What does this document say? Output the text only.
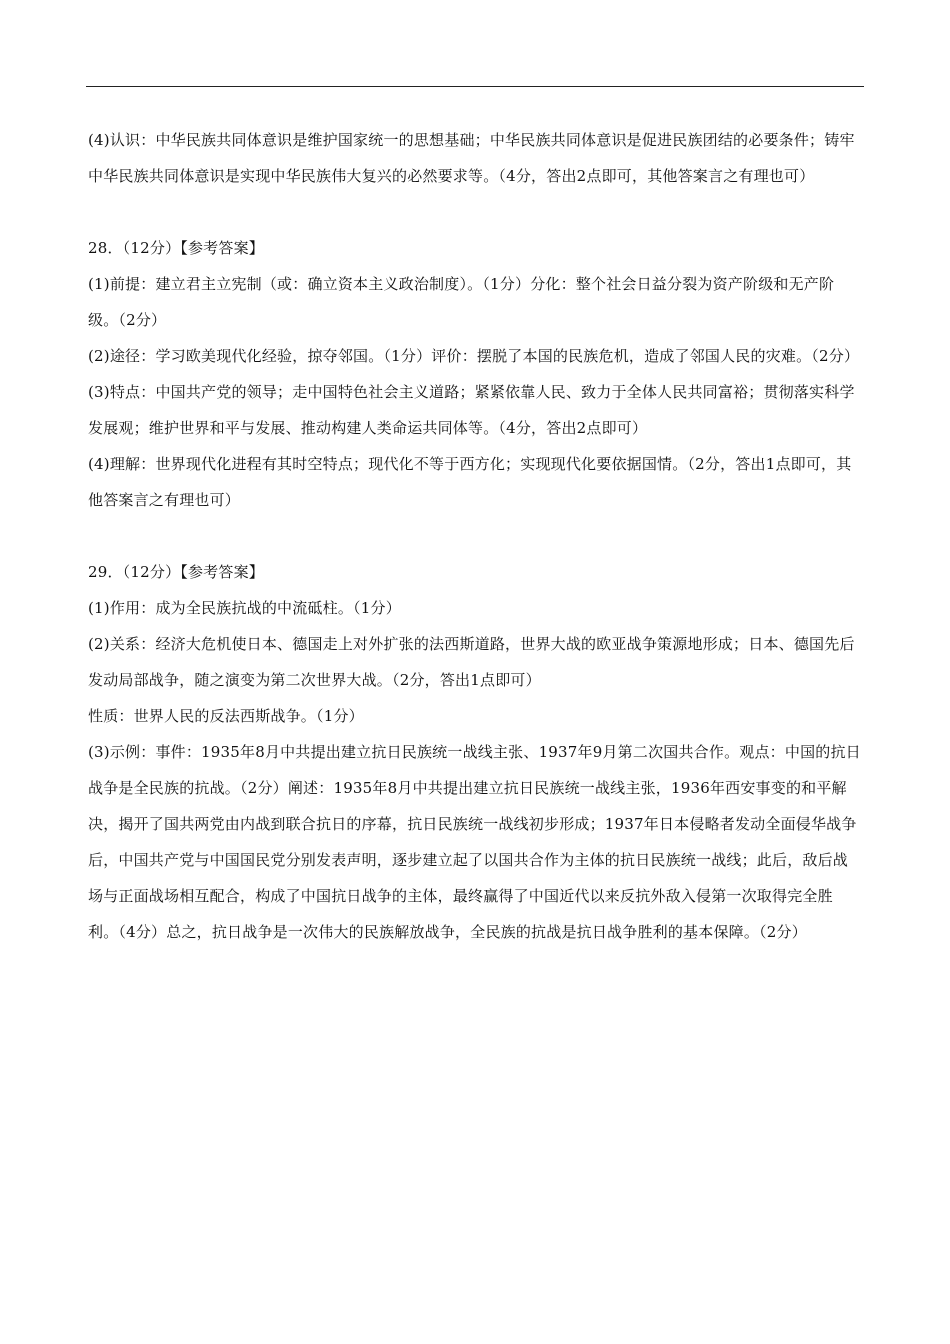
(4)认识：中华民族共同体意识是维护国家统一的思想基础；中华民族共同体意识是促进民族团结的必要条件；铸牢中华民族共同体意识是实现中华民族伟大复兴的必然要求等。（4分，答出2点即可，其他答案言之有理也可）

28．（12分）【参考答案】

(1)前提：建立君主立宪制（或：确立资本主义政治制度）。（1分）分化：整个社会日益分裂为资产阶级和无产阶级。（2分）

(2)途径：学习欧美现代化经验，掠夺邻国。（1分）评价：摆脱了本国的民族危机，造成了邻国人民的灾难。（2分）

(3)特点：中国共产党的领导；走中国特色社会主义道路；紧紧依靠人民、致力于全体人民共同富裕；贯彻落实科学发展观；维护世界和平与发展、推动构建人类命运共同体等。（4分，答出2点即可）

(4)理解：世界现代化进程有其时空特点；现代化不等于西方化；实现现代化要依据国情。（2分，答出1点即可，其他答案言之有理也可）

29．（12分）【参考答案】

(1)作用：成为全民族抗战的中流砥柱。（1分）

(2)关系：经济大危机使日本、德国走上对外扩张的法西斯道路，世界大战的欧亚战争策源地形成；日本、德国先后发动局部战争，随之演变为第二次世界大战。（2分，答出1点即可）

性质：世界人民的反法西斯战争。（1分）

(3)示例：事件：1935年8月中共提出建立抗日民族统一战线主张、1937年9月第二次国共合作。观点：中国的抗日战争是全民族的抗战。（2分）阐述：1935年8月中共提出建立抗日民族统一战线主张，1936年西安事变的和平解决，揭开了国共两党由内战到联合抗日的序幕，抗日民族统一战线初步形成；1937年日本侵略者发动全面侵华战争后，中国共产党与中国国民党分别发表声明，逐步建立起了以国共合作为主体的抗日民族统一战线；此后，敌后战场与正面战场相互配合，构成了中国抗日战争的主体，最终赢得了中国近代以来反抗外敌入侵第一次取得完全胜利。（4分）总之，抗日战争是一次伟大的民族解放战争，全民族的抗战是抗日战争胜利的基本保障。（2分）
